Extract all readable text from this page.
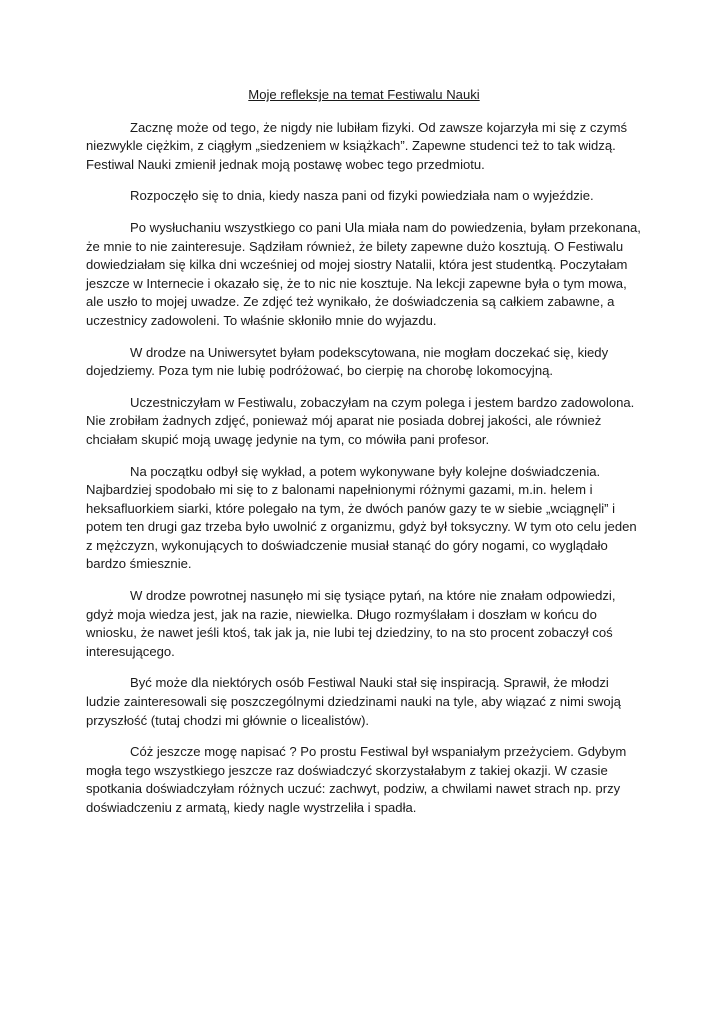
Moje refleksje na temat Festiwalu Nauki

Zacznę może od tego, że nigdy nie lubiłam fizyki. Od zawsze kojarzyła mi się z czymś niezwykle ciężkim, z ciągłym „siedzeniem w książkach”. Zapewne studenci też to tak widzą. Festiwal Nauki zmienił jednak moją postawę wobec tego przedmiotu.

Rozpoczęło się to dnia, kiedy nasza pani od fizyki powiedziała nam o wyjeździe.

Po wysłuchaniu wszystkiego co pani Ula miała nam do powiedzenia, byłam przekonana, że mnie to nie zainteresuje. Sądziłam również, że bilety zapewne dużo kosztują. O Festiwalu dowiedziałam się kilka dni wcześniej od mojej siostry Natalii, która jest studentką. Poczytałam jeszcze w Internecie i okazało się, że to nic nie kosztuje. Na lekcji zapewne była o tym mowa, ale uszło to mojej uwadze. Ze zdjęć też wynikało, że doświadczenia są całkiem zabawne, a uczestnicy zadowoleni. To właśnie skłoniło mnie do wyjazdu.

W drodze na Uniwersytet byłam podekscytowana, nie mogłam doczekać się, kiedy dojedziemy. Poza tym nie lubię podróżować, bo cierpię na chorobę lokomocyjną.

Uczestniczyłam w Festiwalu, zobaczyłam na czym polega i jestem bardzo zadowolona. Nie zrobiłam żadnych zdjęć, ponieważ mój aparat nie posiada dobrej jakości, ale również chciałam skupić moją uwagę jedynie na tym, co mówiła pani profesor.

Na początku odbył się wykład, a potem wykonywane były kolejne doświadczenia. Najbardziej spodobało mi się to z balonami napełnionymi różnymi gazami, m.in. helem i heksafluorkiem siarki, które polegało na tym, że dwóch panów gazy te w siebie „wciągnęli” i potem ten drugi gaz trzeba było uwolnić z organizmu, gdyż był toksyczny. W tym oto celu jeden z mężczyzn, wykonujących to doświadczenie musiał stanąć do góry nogami, co wyglądało bardzo śmiesznie.

W drodze powrotnej nasunęło mi się tysiące pytań, na które nie znałam odpowiedzi, gdyż moja wiedza jest, jak na razie, niewielka. Długo rozmyślałam i doszłam w końcu do wniosku, że nawet jeśli ktoś, tak jak ja, nie lubi tej dziedziny, to na sto procent zobaczył coś interesującego.

Być może dla niektórych osób Festiwal Nauki stał się inspiracją. Sprawił, że młodzi ludzie zainteresowali się poszczególnymi dziedzinami nauki na tyle, aby wiązać z nimi swoją przyszłość (tutaj chodzi mi głównie o licealistów).

Cóż jeszcze mogę napisać ? Po prostu Festiwal był wspaniałym przeżyciem. Gdybym mogła tego wszystkiego jeszcze raz doświadczyć skorzystałabym z takiej okazji. W czasie spotkania doświadczyłam różnych uczuć: zachwyt, podziw, a chwilami nawet strach np. przy doświadczeniu z armatą, kiedy nagle wystrzeliła i spadła.
